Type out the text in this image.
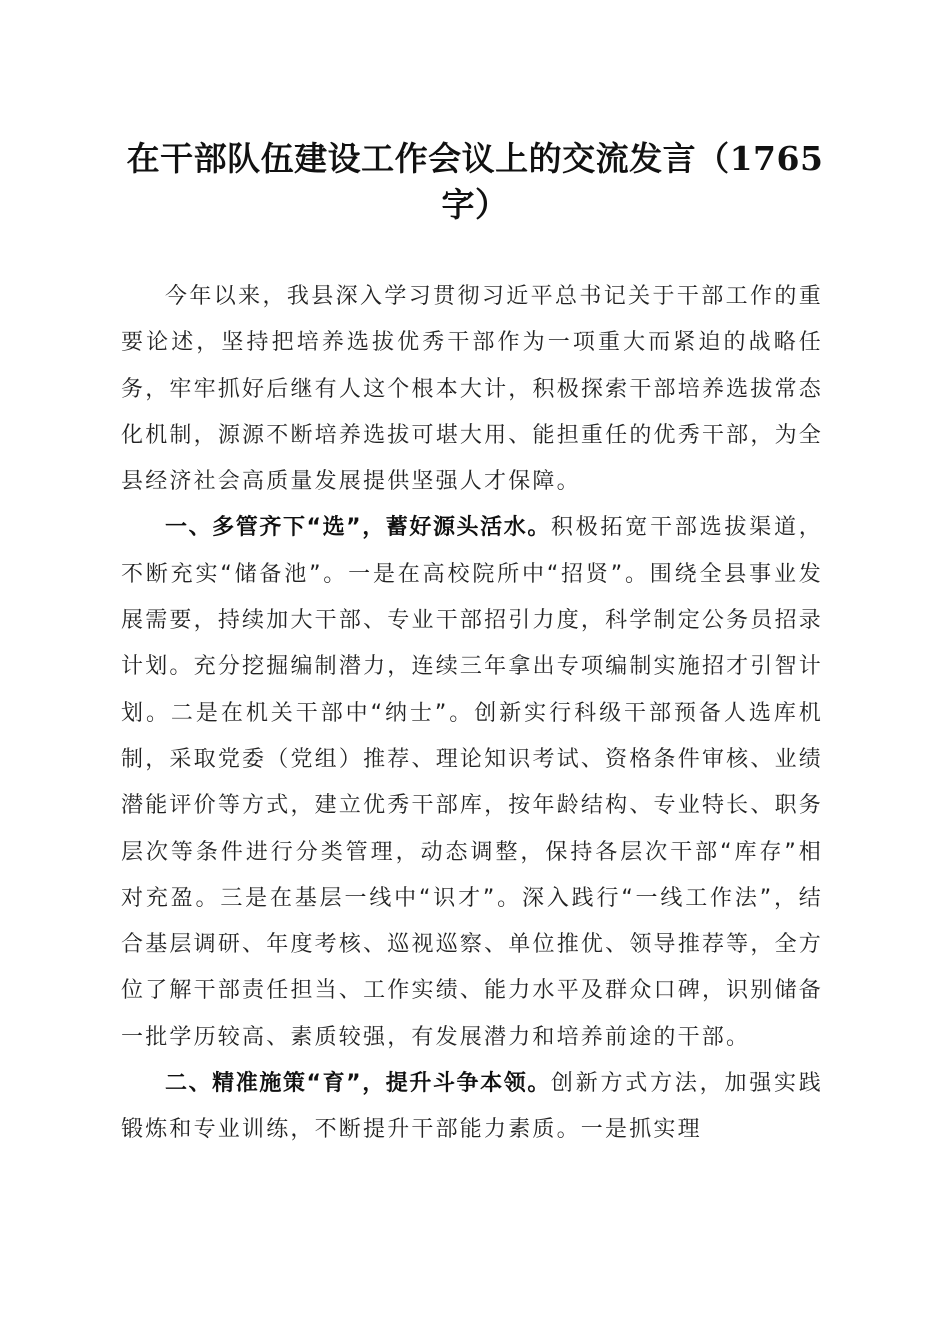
在干部队伍建设工作会议上的交流发言（1765字）

今年以来，我县深入学习贯彻习近平总书记关于干部工作的重要论述，坚持把培养选拔优秀干部作为一项重大而紧迫的战略任务，牢牢抓好后继有人这个根本大计，积极探索干部培养选拔常态化机制，源源不断培养选拔可堪大用、能担重任的优秀干部，为全县经济社会高质量发展提供坚强人才保障。

一、多管齐下“选”，蓄好源头活水。积极拓宽干部选拔渠道，不断充实“储备池”。一是在高校院所中“招贤”。围绕全县事业发展需要，持续加大干部、专业干部招引力度，科学制定公务员招录计划。充分挖掘编制潜力，连续三年拿出专项编制实施招才引智计划。二是在机关干部中“纳士”。创新实行科级干部预备人选库机制，采取党委（党组）推荐、理论知识考试、资格条件审核、业绩潜能评价等方式，建立优秀干部库，按年龄结构、专业特长、职务层次等条件进行分类管理，动态调整，保持各层次干部“库存”相对充盈。三是在基层一线中“识才”。深入践行“一线工作法”，结合基层调研、年度考核、巡视巡察、单位推优、领导推荐等，全方位了解干部责任担当、工作实绩、能力水平及群众口碑，识别储备一批学历较高、素质较强，有发展潜力和培养前途的干部。

二、精准施策“育”，提升斗争本领。创新方式方法，加强实践锻炼和专业训练，不断提升干部能力素质。一是抓实理
